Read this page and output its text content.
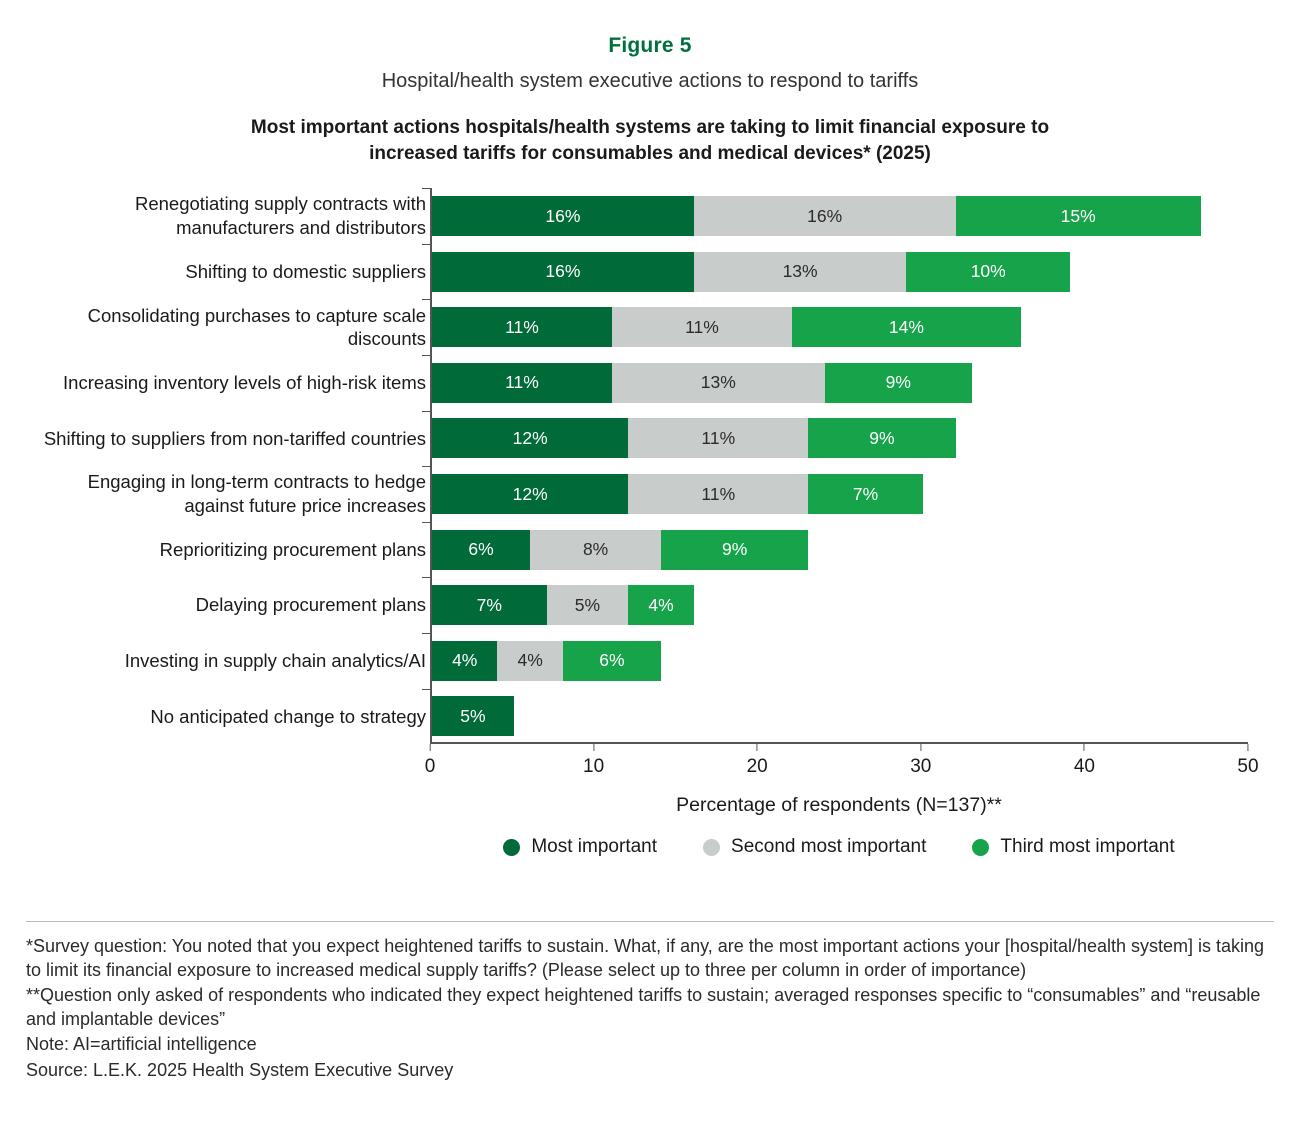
Figure 5
Hospital/health system executive actions to respond to tariffs
Most important actions hospitals/health systems are taking to limit financial exposure to increased tariffs for consumables and medical devices* (2025)
Renegotiating supply contracts with manufacturers and distributors
16%	16%	15%
Shifting to domestic suppliers	16%	13%	10%
Consolidating purchases to capture scale discounts
11%	11%	14%
Increasing inventory levels of high-risk items	11%	13%	9%
Shifting to suppliers from non-tariffed countries	12%	11%	9%
Engaging in long-term contracts to hedge against future price increases
12%	11%	7%
Reprioritizing procurement plans 6%	8%	9%
Delaying procurement plans	7%	5%	4%
Investing in supply chain analytics/AI 4% 4%	6%
No anticipated change to strategy 5%
0	10	20	30	40	50
Percentage of respondents (N=137)**
Most important	Second most important	Third most important

*Survey question: You noted that you expect heightened tariffs to sustain. What, if any, are the most important actions your [hospital/health system] is taking to limit its financial exposure to increased medical supply tariffs? (Please select up to three per column in order of importance)

**Question only asked of respondents who indicated they expect heightened tariffs to sustain; averaged responses specific to “consumables” and “reusable and implantable devices”

Note: AI=artificial intelligence

Source: L.E.K. 2025 Health System Executive Survey
